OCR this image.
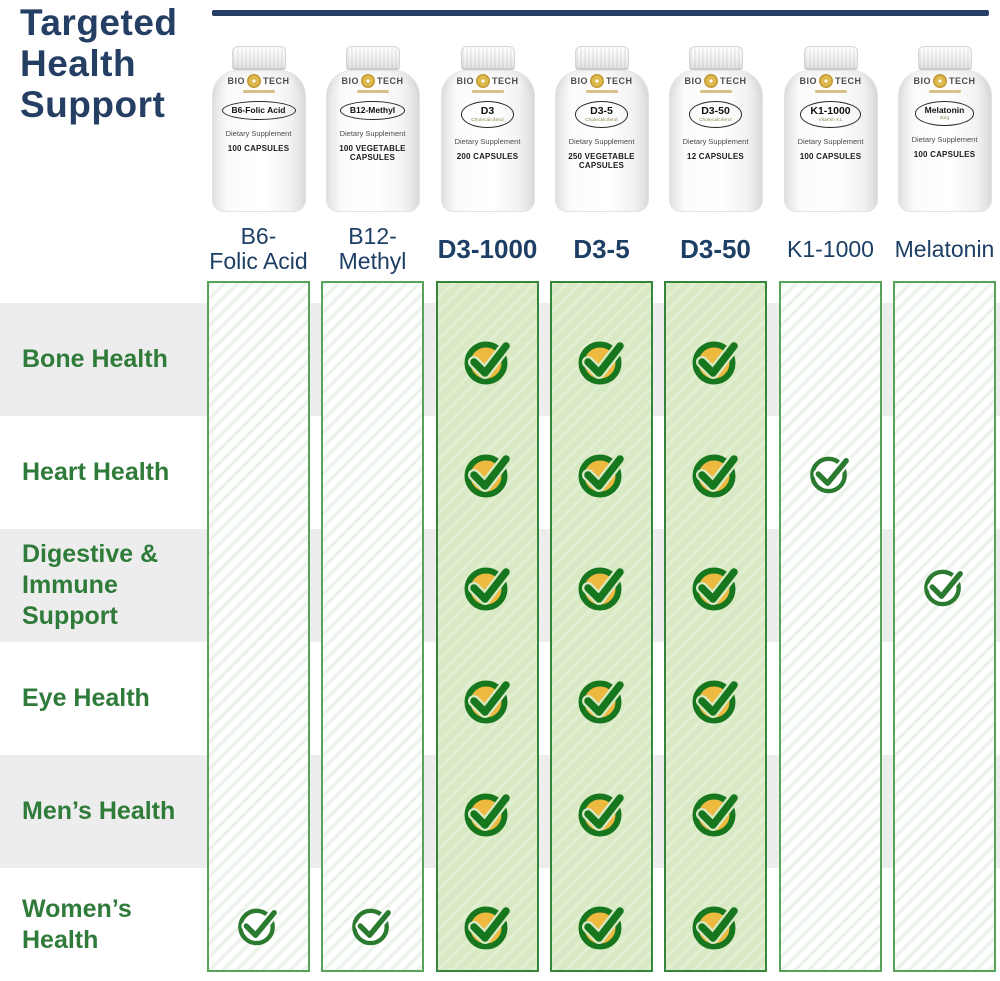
Targeted
Health
Support
BIO TECH
B6-Folic Acid
Dietary Supplement
100 CAPSULES
B6-
Folic Acid
BIO TECH
B12-Methyl
Dietary Supplement
100 VEGETABLE CAPSULES
B12-
Methyl
BIO TECH
D3
Cholecalciferol
Dietary Supplement
200 CAPSULES
D3-1000
BIO TECH
D3-5
Cholecalciferol
Dietary Supplement
250 VEGETABLE CAPSULES
D3-5
BIO TECH
D3-50
Cholecalciferol
Dietary Supplement
12 CAPSULES
D3-50
BIO TECH
K1-1000
Vitamin K1
Dietary Supplement
100 CAPSULES
K1-1000
BIO TECH
Melatonin
3mg
Dietary Supplement
100 CAPSULES
Melatonin
Bone Health
Heart Health
Digestive & Immune Support
Eye Health
Men’s Health
Women’s Health
